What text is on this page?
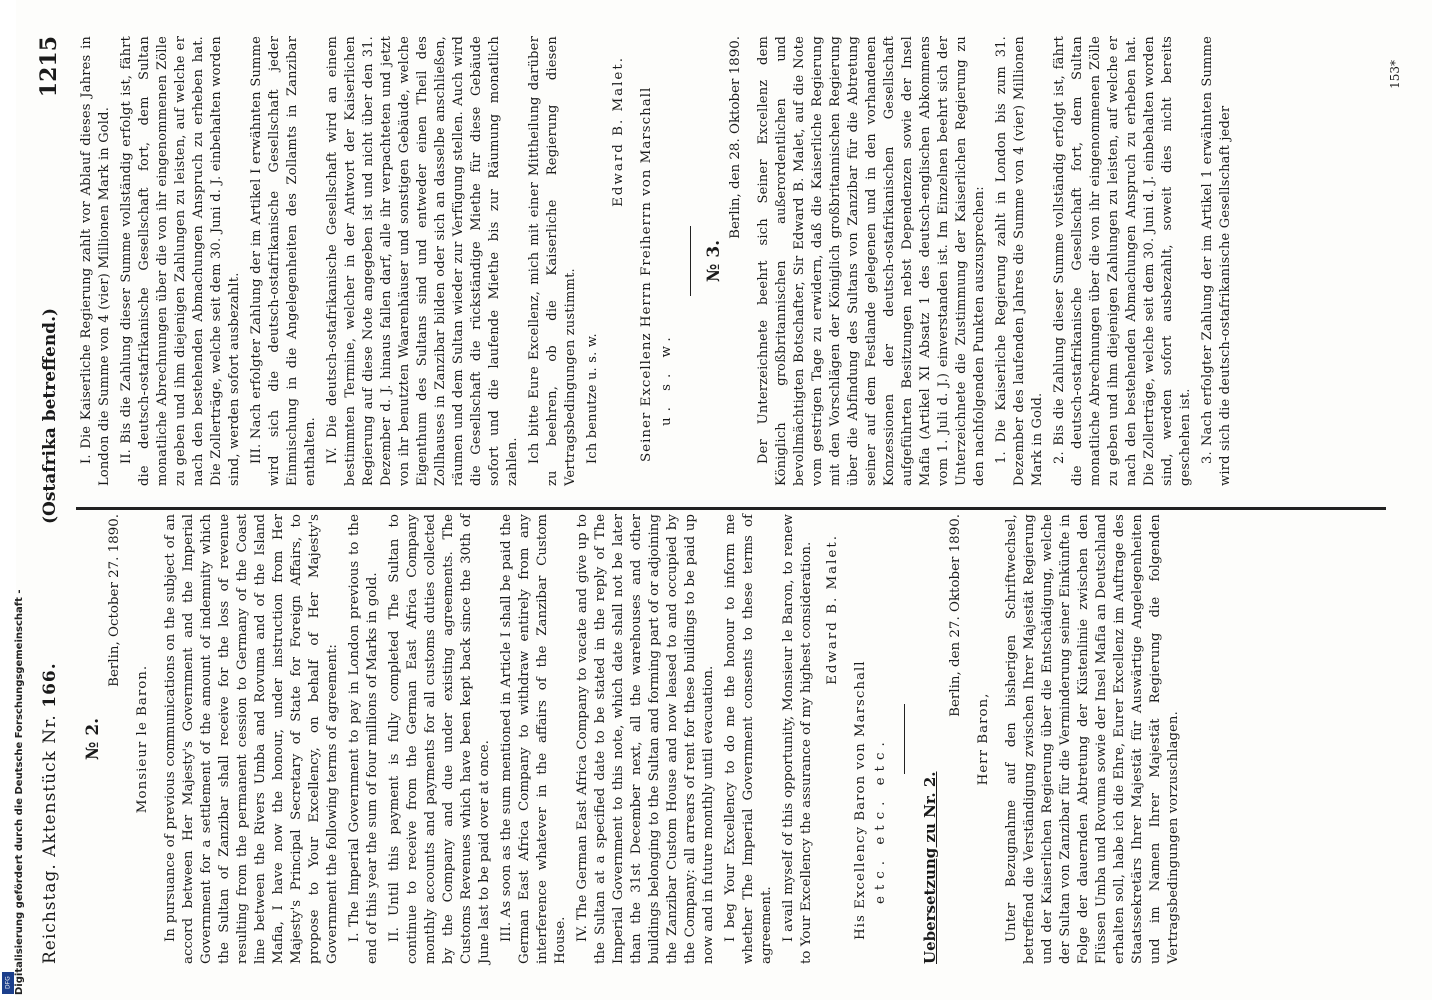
Digitalisierung gefördert durch die Deutsche Forschungsgemeinschaft -
DFG
Reichstag. Aktenstück Nr. 166.
(Ostafrika betreffend.)
1215
№ 2.
Berlin, October 27. 1890.
Monsieur le Baron. In pursuance of previous communications on the subject of an accord between Her Majesty's Government and the Imperial Government for a settlement of the amount of indemnity which the Sultan of Zanzibar shall receive for the loss of revenue resulting from the permanent cession to Germany of the Coast line between the Rivers Umba and Rovuma and of the Island Mafia, I have now the honour, under instruction from Her Majesty's Principal Secretary of State for Foreign Affairs, to propose to Your Excellency, on behalf of Her Majesty's Government the following terms of agreement: I. The Imperial Government to pay in London previous to the end of this year the sum of four millions of Marks in gold. II. Until this payment is fully completed The Sultan to continue to receive from the German East Africa Company monthly accounts and payments for all customs duties collected by the Company and due under existing agreements. The Customs Revenues which have been kept back since the 30th of June last to be paid over at once. III. As soon as the sum mentioned in Article I shall be paid the German East Africa Company to withdraw entirely from any interference whatever in the affairs of the Zanzibar Custom House. IV. The German East Africa Company to vacate and give up to the Sultan at a specified date to be stated in the reply of The Imperial Government to this note, which date shall not be later than the 31st December next, all the warehouses and other buildings belonging to the Sultan and forming part of or adjoining the Zanzibar Custom House and now leased to and occupied by the Company: all arrears of rent for these buildings to be paid up now and in future monthly until evacuation. I beg Your Excellency to do me the honour to inform me whether The Imperial Government consents to these terms of agreement. I avail myself of this opportunity, Monsieur le Baron, to renew to Your Excellency the assurance of my highest consideration. Edward B. Malet.
His Excellency Baron von Marschall etc. etc. etc. Uebersetzung zu Nr. 2.
Berlin, den 27. Oktober 1890.
Herr Baron, Unter Bezugnahme auf den bisherigen Schriftwechsel, betreffend die Verständigung zwischen Ihrer Majestät Regierung und der Kaiserlichen Regierung über die Entschädigung, welche der Sultan von Zanzibar für die Verminderung seiner Einkünfte in Folge der dauernden Abtretung der Küstenlinie zwischen den Flüssen Umba und Rovuma sowie der Insel Mafia an Deutschland erhalten soll, habe ich die Ehre, Eurer Excellenz im Auftrage des Staatssekretärs Ihrer Majestät für Auswärtige Angelegenheiten und im Namen Ihrer Majestät Regierung die folgenden Vertragsbedingungen vorzuschlagen.

I. Die Kaiserliche Regierung zahlt vor Ablauf dieses Jahres in London die Summe von 4 (vier) Millionen Mark in Gold. II. Bis die Zahlung dieser Summe vollständig erfolgt ist, fährt die deutsch-ostafrikanische Gesellschaft fort, dem Sultan monatliche Abrechnungen über die von ihr eingenommenen Zölle zu geben und ihm diejenigen Zahlungen zu leisten, auf welche er nach den bestehenden Abmachungen Anspruch zu erheben hat. Die Zollerträge, welche seit dem 30. Juni d. J. einbehalten worden sind, werden sofort ausbezahlt. III. Nach erfolgter Zahlung der im Artikel I erwähnten Summe wird sich die deutsch-ostafrikanische Gesellschaft jeder Einmischung in die Angelegenheiten des Zollamts in Zanzibar enthalten. IV. Die deutsch-ostafrikanische Gesellschaft wird an einem bestimmten Termine, welcher in der Antwort der Kaiserlichen Regierung auf diese Note angegeben ist und nicht über den 31. Dezember d. J. hinaus fallen darf, alle ihr verpachteten und jetzt von ihr benutzten Waarenhäuser und sonstigen Gebäude, welche Eigenthum des Sultans sind und entweder einen Theil des Zollhauses in Zanzibar bilden oder sich an dasselbe anschließen, räumen und dem Sultan wieder zur Verfügung stellen. Auch wird die Gesellschaft die rückständige Miethe für diese Gebäude sofort und die laufende Miethe bis zur Räumung monatlich zahlen. Ich bitte Eure Excellenz, mich mit einer Mittheilung darüber zu beehren, ob die Kaiserliche Regierung diesen Vertragsbedingungen zustimmt. Ich benutze u. s. w.

Edward B. Malet. Seiner Excellenz Herrn Freiherrn von Marschall u. s. w.
№ 3.
Berlin, den 28. Oktober 1890. Der Unterzeichnete beehrt sich Seiner Excellenz dem Königlich großbritannischen außerordentlichen und bevollmächtigten Botschafter, Sir Edward B. Malet, auf die Note vom gestrigen Tage zu erwidern, daß die Kaiserliche Regierung mit den Vorschlägen der Königlich großbritannischen Regierung über die Abfindung des Sultans von Zanzibar für die Abtretung seiner auf dem Festlande gelegenen und in den vorhandenen Konzessionen der deutsch-ostafrikanischen Gesellschaft aufgeführten Besitzungen nebst Dependenzen sowie der Insel Mafia (Artikel XI Absatz 1 des deutsch-englischen Abkommens vom 1. Juli d. J.) einverstanden ist. Im Einzelnen beehrt sich der Unterzeichnete die Zustimmung der Kaiserlichen Regierung zu den nachfolgenden Punkten auszusprechen: 1. Die Kaiserliche Regierung zahlt in London bis zum 31. Dezember des laufenden Jahres die Summe von 4 (vier) Millionen Mark in Gold. 2. Bis die Zahlung dieser Summe vollständig erfolgt ist, fährt die deutsch-ostafrikanische Gesellschaft fort, dem Sultan monatliche Abrechnungen über die von ihr eingenommenen Zölle zu geben und ihm diejenigen Zahlungen zu leisten, auf welche er nach den bestehenden Abmachungen Anspruch zu erheben hat. Die Zollerträge, welche seit dem 30. Juni d. J. einbehalten worden sind, werden sofort ausbezahlt, soweit dies nicht bereits geschehen ist. 3. Nach erfolgter Zahlung der im Artikel 1 erwähnten Summe wird sich die deutsch-ostafrikanische Gesellschaft jeder

153*
